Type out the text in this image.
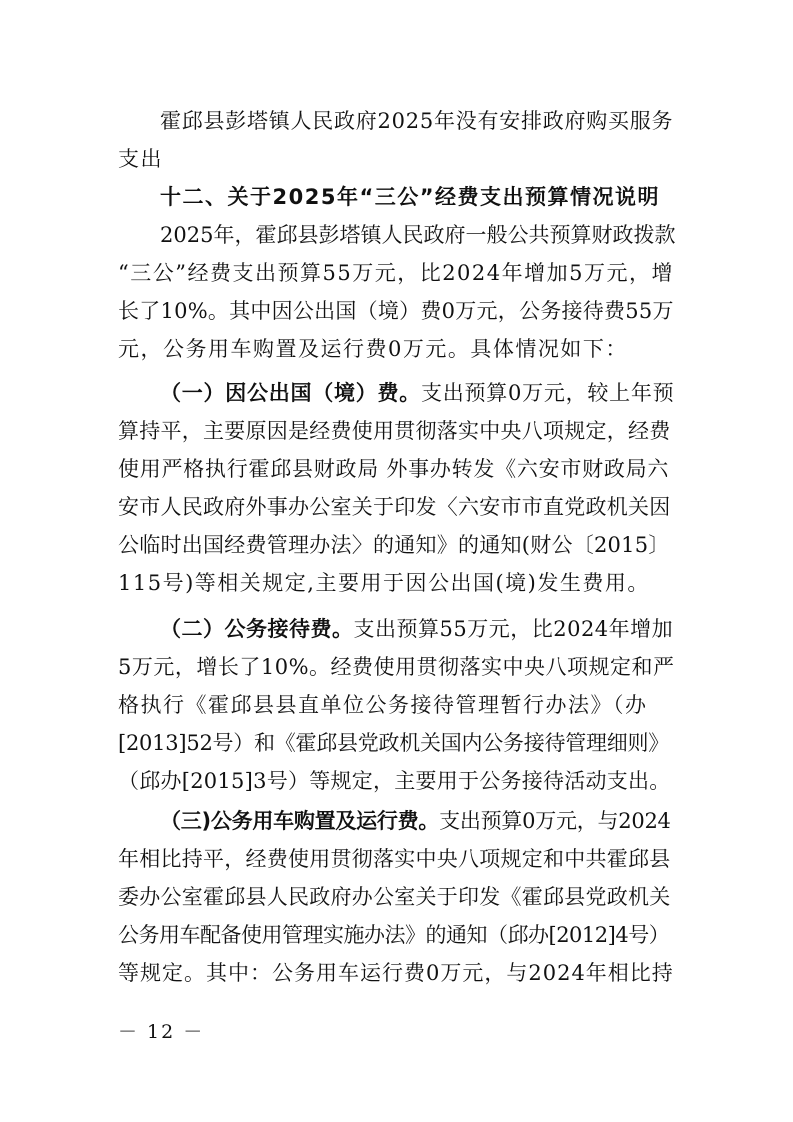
霍邱县彭塔镇人民政府2025年没有安排政府购买服务
支出
十二、关于2025年“三公”经费支出预算情况说明
2025年，霍邱县彭塔镇人民政府一般公共预算财政拨款
“三公”经费支出预算55万元，比2024年增加5万元，增
长了10%。其中因公出国（境）费0万元，公务接待费55万
元，公务用车购置及运行费0万元。具体情况如下：
（一）因公出国（境）费。支出预算0万元，较上年预
算持平，主要原因是经费使用贯彻落实中央八项规定，经费
使用严格执行霍邱县财政局 外事办转发《六安市财政局六
安市人民政府外事办公室关于印发〈六安市市直党政机关因
公临时出国经费管理办法〉的通知》的通知(财公〔2015〕
115号)等相关规定,主要用于因公出国(境)发生费用。
（二）公务接待费。支出预算55万元，比2024年增加
5万元，增长了10%。经费使用贯彻落实中央八项规定和严
格执行《霍邱县县直单位公务接待管理暂行办法》（办
[2013]52号）和《霍邱县党政机关国内公务接待管理细则》
（邱办[2015]3号）等规定，主要用于公务接待活动支出。
（三)公务用车购置及运行费。支出预算0万元，与2024
年相比持平，经费使用贯彻落实中央八项规定和中共霍邱县
委办公室霍邱县人民政府办公室关于印发《霍邱县党政机关
公务用车配备使用管理实施办法》的通知（邱办[2012]4号）
等规定。其中：公务用车运行费0万元，与2024年相比持
－ 12 －
